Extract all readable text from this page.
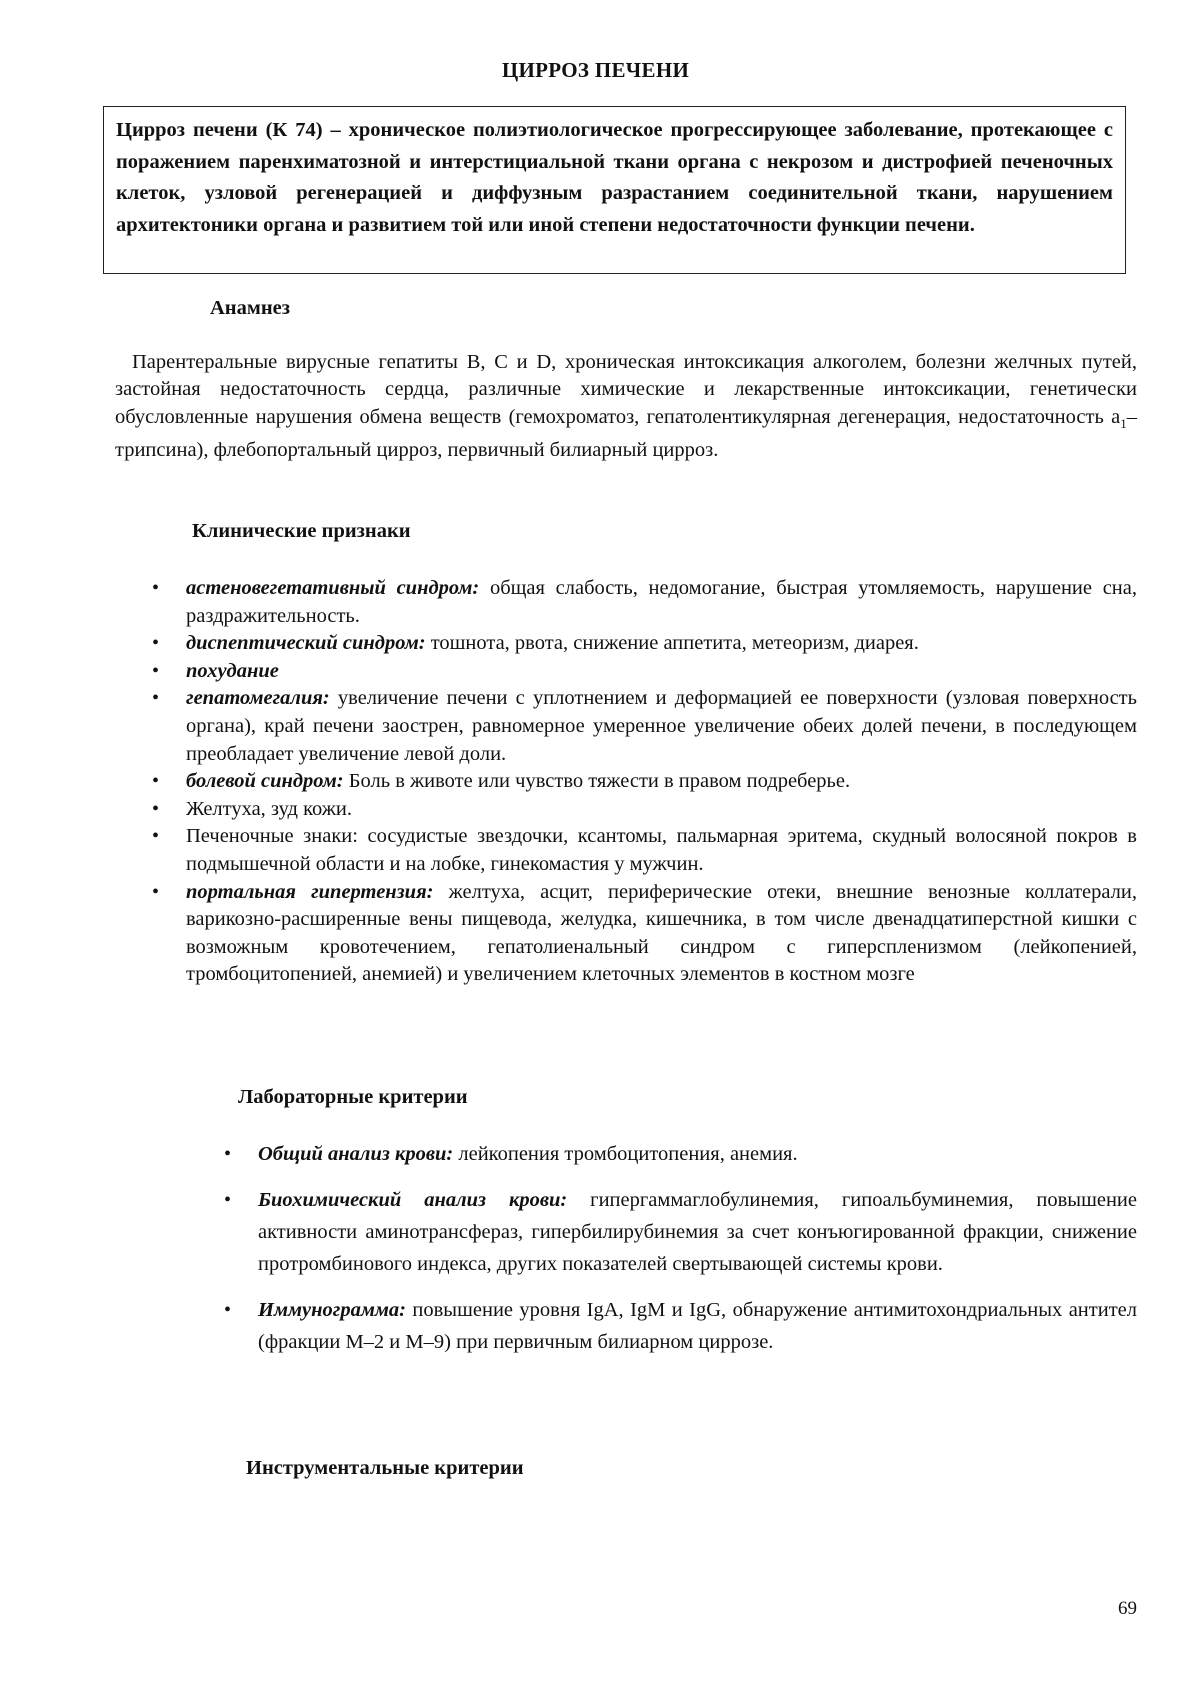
ЦИРРОЗ ПЕЧЕНИ

Цирроз печени (К 74) – хроническое полиэтиологическое прогрессирующее заболевание, протекающее с поражением паренхиматозной и интерстициальной ткани органа с некрозом и дистрофией печеночных клеток, узловой регенерацией и диффузным разрастанием соединительной ткани, нарушением архитектоники органа и развитием той или иной степени недостаточности функции печени.

Анамнез

Парентеральные вирусные гепатиты B, C и D, хроническая интоксикация алкоголем, болезни желчных путей, застойная недостаточность сердца, различные химические и лекарственные интоксикации, генетически обусловленные нарушения обмена веществ (гемохроматоз, гепатолентикулярная дегенерация, недостаточность $a_1-трипсина$), флебопортальный цирроз, первичный билиарный цирроз.

Клинические признаки
• астеновегетативный синдром: общая слабость, недомогание, быстрая утомляемость, нарушение сна, раздражительность.
• диспептический синдром: тошнота, рвота, снижение аппетита, метеоризм, диарея.
• похудание
• гепатомегалия: увеличение печени с уплотнением и деформацией ее поверхности (узловая поверхность органа), край печени заострен, равномерное умеренное увеличение обеих долей печени, в последующем преобладает увеличение левой доли.
• болевой синдром: Боль в животе или чувство тяжести в правом подреберье.
• Желтуха, зуд кожи.
• Печеночные знаки: сосудистые звездочки, ксантомы, пальмарная эритема, скудный волосяной покров в подмышечной области и на лобке, гинекомастия у мужчин.
• портальная гипертензия: желтуха, асцит, периферические отеки, внешние венозные коллатерали, варикозно-расширенные вены пищевода, желудка, кишечника, в том числе двенадцатиперстной кишки с возможным кровотечением, гепатолиенальный синдром с гиперспленизмом (лейкопенией, тромбоцитопенией, анемией) и увеличением клеточных элементов в костном мозге
Лабораторные критерии
• Общий анализ крови: лейкопения тромбоцитопения, анемия.
• Биохимический анализ крови: гипергаммаглобулинемия, гипоальбуминемия, повышение активности аминотрансфераз, гипербилирубинемия за счет конъюгированной фракции, снижение протромбинового индекса, других показателей свертывающей системы крови.
• Иммунограмма: повышение уровня IgA, IgM и IgG, обнаружение антимитохондриальных антител (фракции М–2 и М–9) при первичным билиарном циррозе.
Инструментальные критерии
69
